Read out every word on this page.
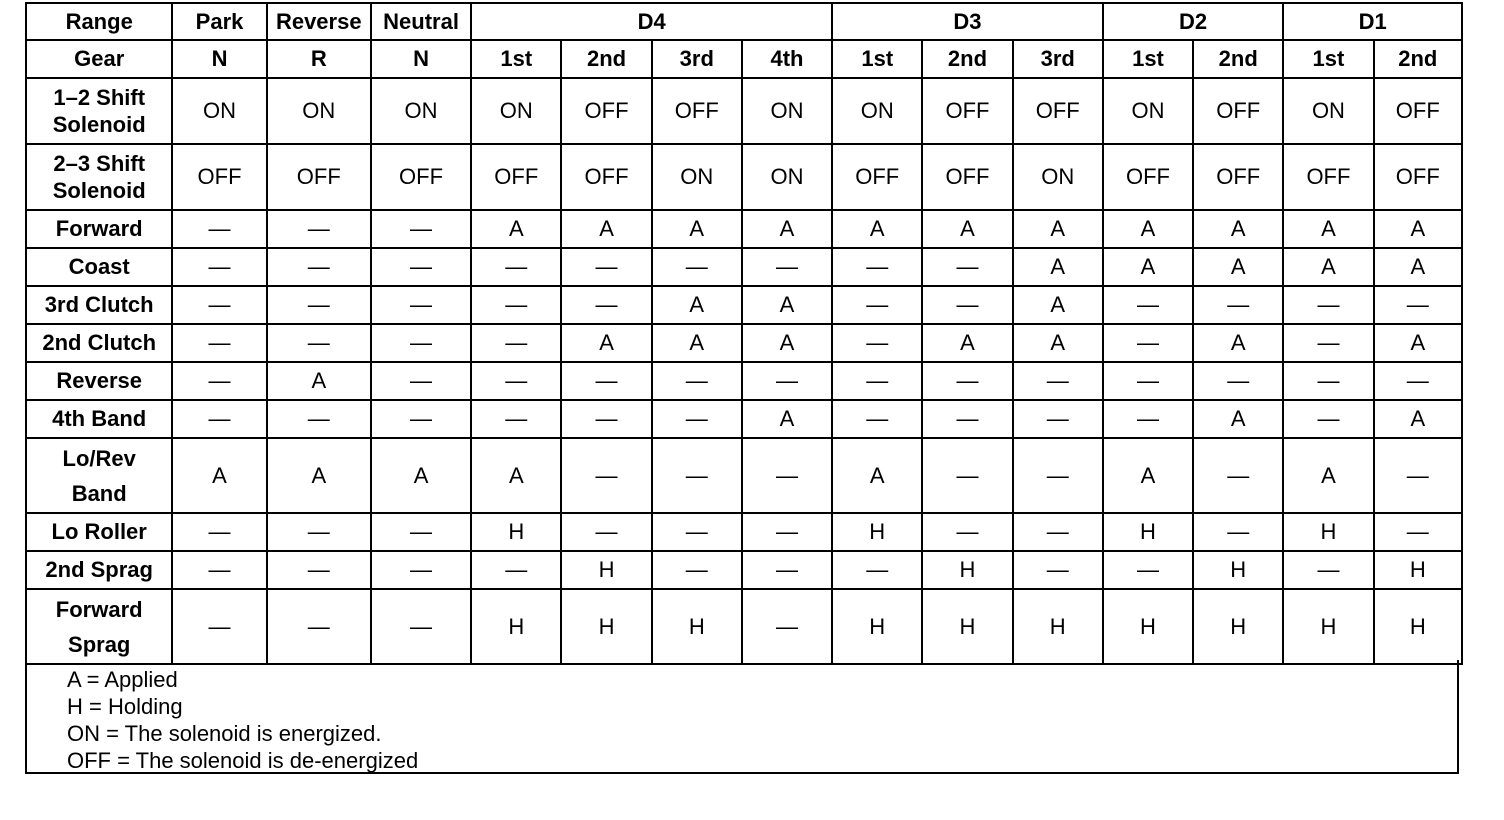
Range	Park	Reverse	Neutral	D4				D3			D2		D1	
Gear	N	R	N	1st	2nd	3rd	4th	1st	2nd	3rd	1st	2nd	1st	2nd

1–2 Shift
Solenoid	ON	ON	ON	ON	OFF	OFF	ON	ON	OFF	OFF	ON	OFF	ON	OFF

2–3 Shift
Solenoid	OFF	OFF	OFF	OFF	OFF	ON	ON	OFF	OFF	ON	OFF	OFF	OFF	OFF

Forward	—	—	—	A	A	A	A	A	A	A	A	A	A	A

Coast	—	—	—	—	—	—	—	—	—	A	A	A	A	A

3rd Clutch	—	—	—	—	—	A	A	—	—	A	—	—	—	—

2nd Clutch	—	—	—	—	A	A	A	—	A	A	—	A	—	A

Reverse	—	A	—	—	—	—	—	—	—	—	—	—	—	—

4th Band	—	—	—	—	—	—	A	—	—	—	—	A	—	A

Lo/Rev
Band	A	A	A	A	—	—	—	A	—	—	A	—	A	—

Lo Roller	—	—	—	H	—	—	—	H	—	—	H	—	H	—

2nd Sprag	—	—	—	—	H	—	—	—	H	—	—	H	—	H

Forward
Sprag	—	—	—	H	H	H	—	H	H	H	H	H	H	H
A = Applied
H = Holding
ON = The solenoid is energized.
OFF = The solenoid is de-energized
